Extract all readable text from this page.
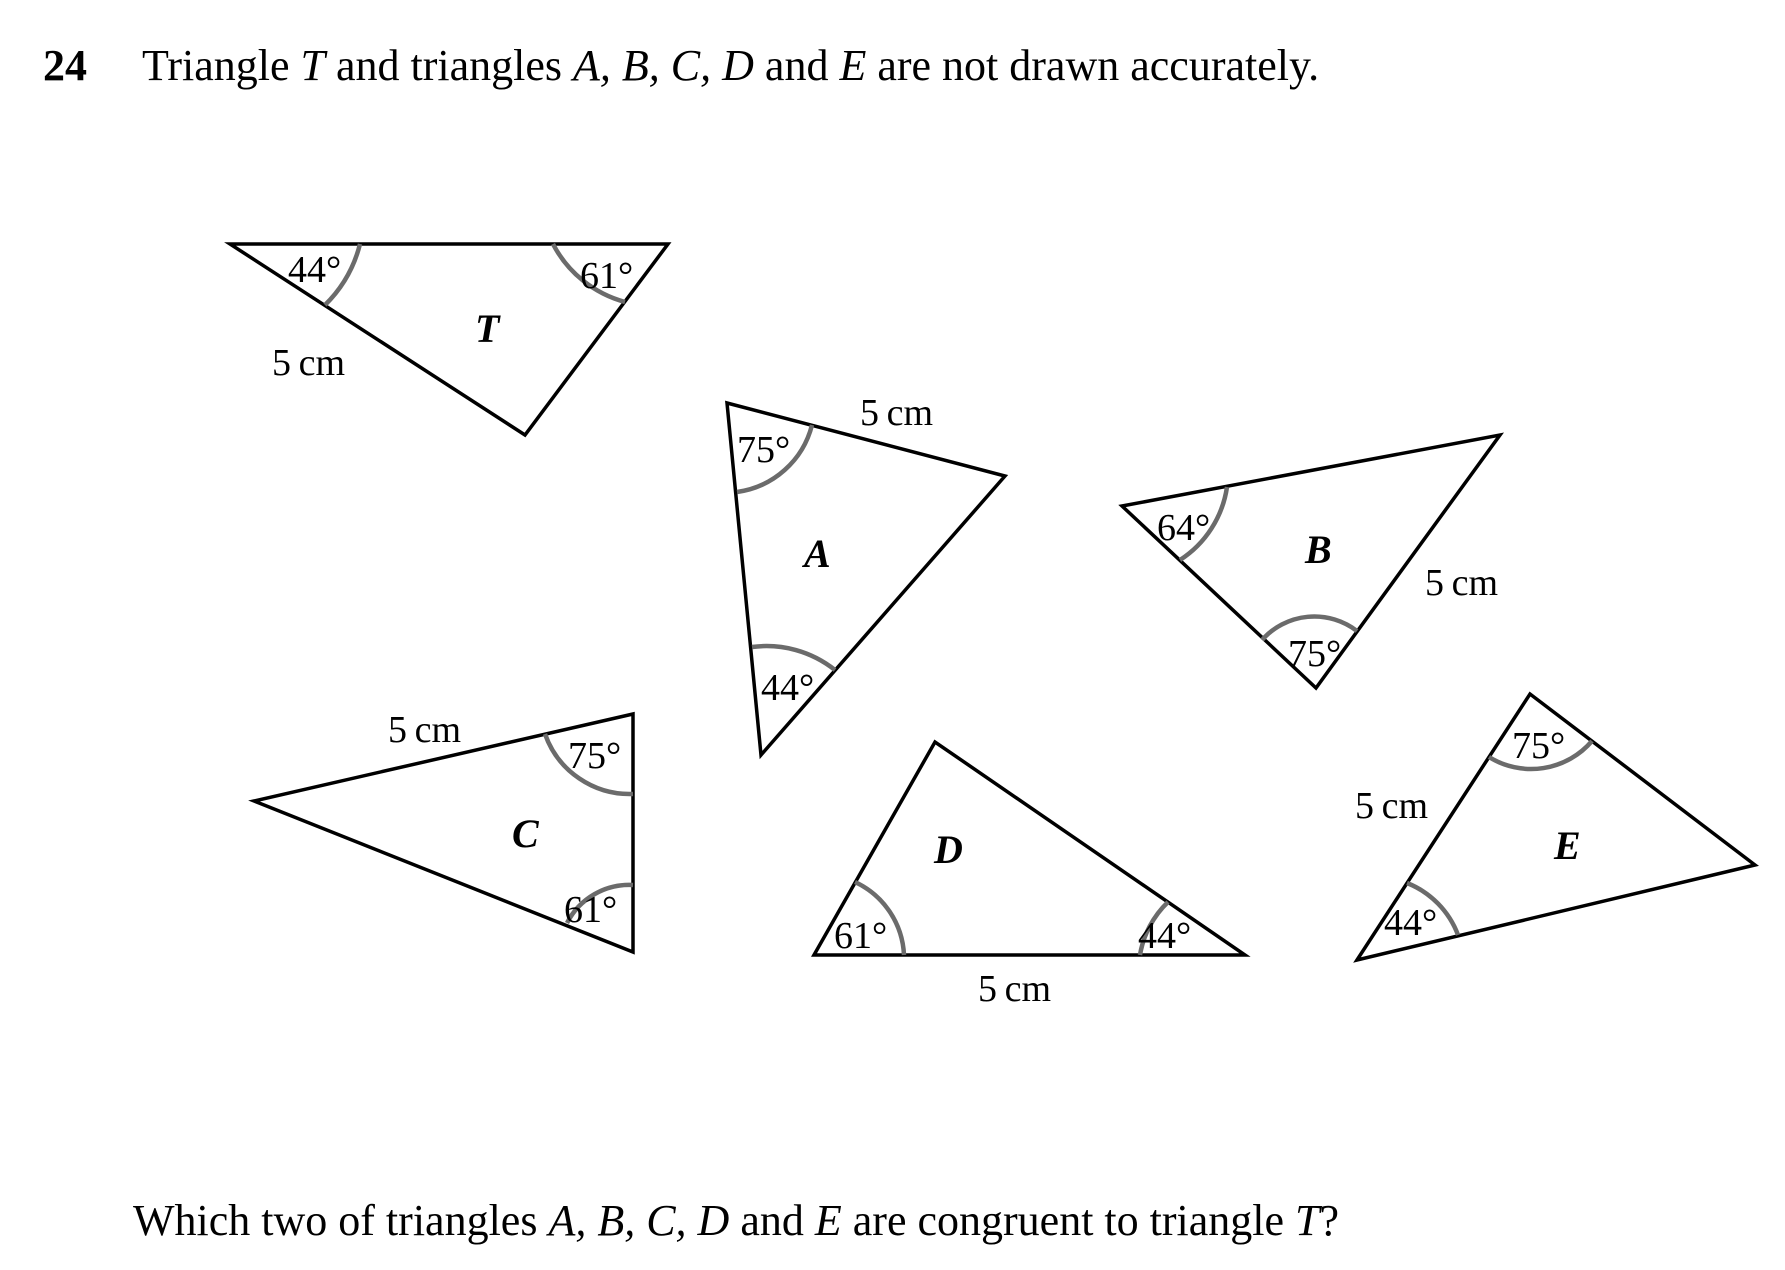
24 Triangle T and triangles A, B, C, D and E are not drawn accurately.
44°	61°
5 cm
T
75°
44°
5 cm
A
64°
75°
5 cm
B
75°
61°
5 cm
C
61°	44°
5 cm
D
75°
44°
5 cm
E
Which two of triangles A, B, C, D and E are congruent to triangle T?
